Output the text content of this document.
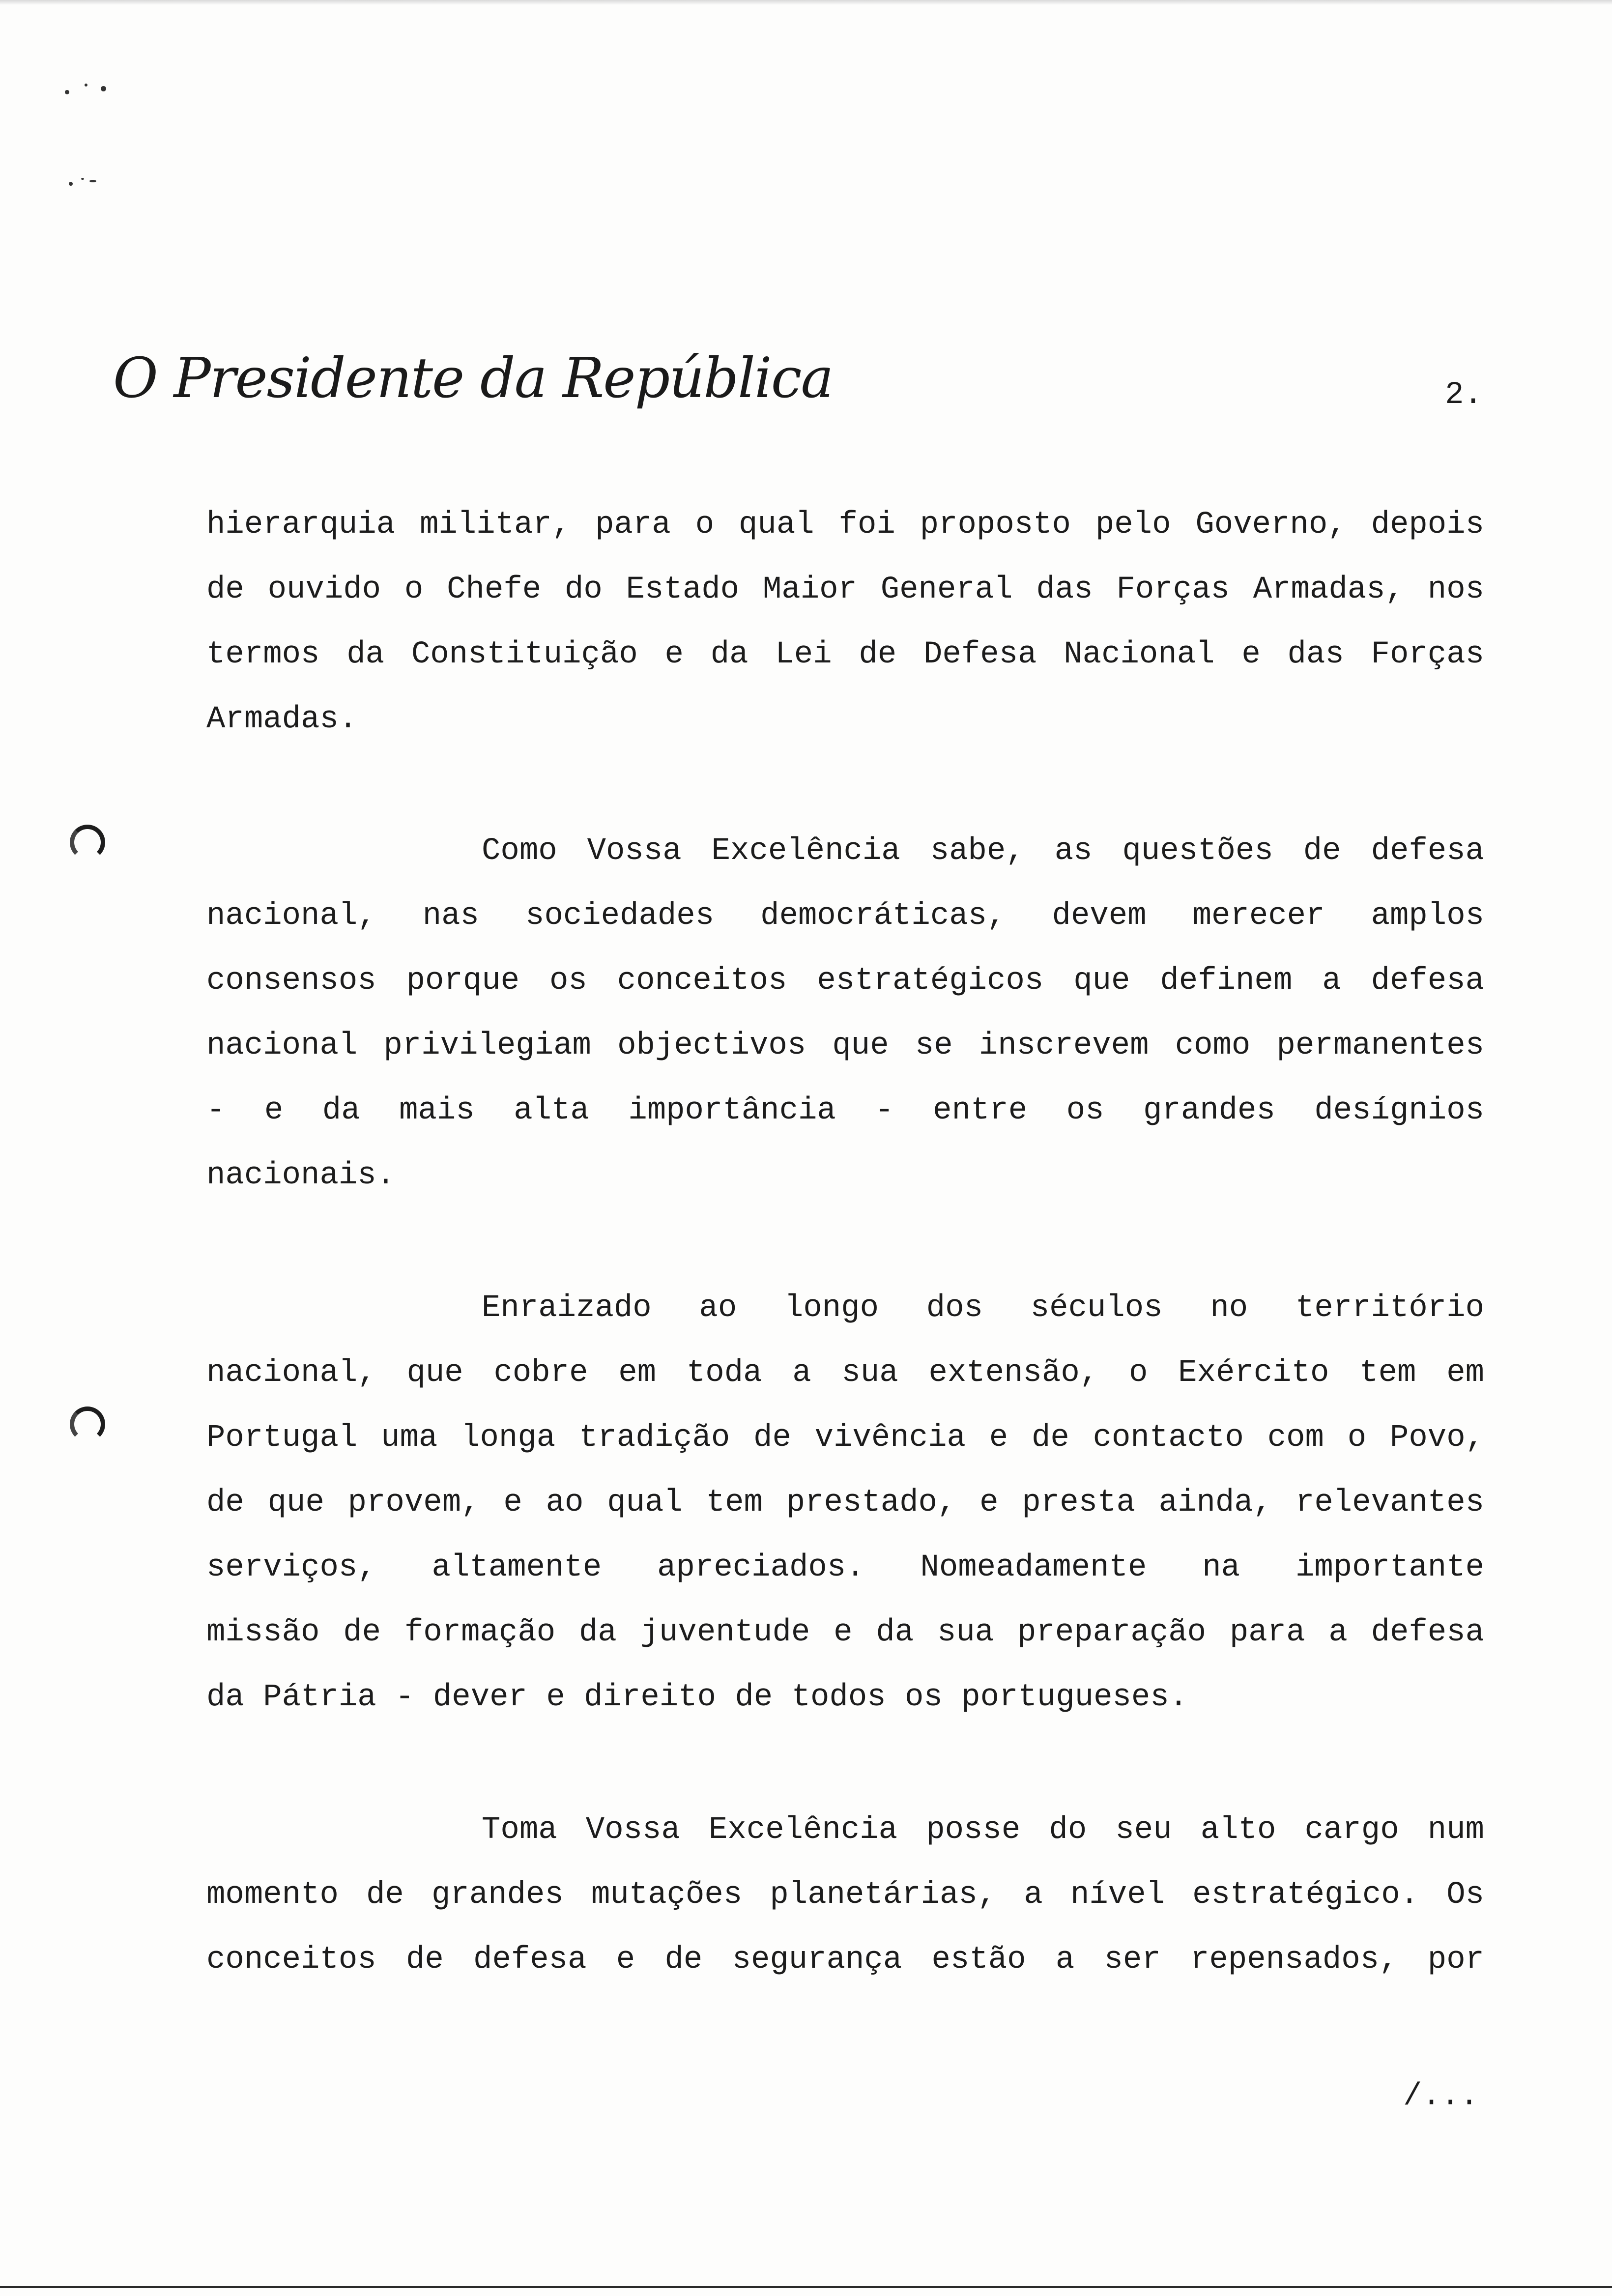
O Presidente da República	2.
hierarquia militar, para o qual foi proposto pelo Governo, depois
de ouvido o Chefe do Estado Maior General das Forças Armadas, nos
termos da Constituição e da Lei de Defesa Nacional e das Forças
Armadas.
Como Vossa Excelência sabe, as questões de defesa
nacional, nas sociedades democráticas, devem merecer amplos
consensos porque os conceitos estratégicos que definem a defesa
nacional privilegiam objectivos que se inscrevem como permanentes
- e da mais alta importância - entre os grandes desígnios
nacionais.
Enraizado ao longo dos séculos no território
nacional, que cobre em toda a sua extensão, o Exército tem em
Portugal uma longa tradição de vivência e de contacto com o Povo,
de que provem, e ao qual tem prestado, e presta ainda, relevantes
serviços, altamente apreciados. Nomeadamente na importante
missão de formação da juventude e da sua preparação para a defesa
da Pátria - dever e direito de todos os portugueses.
Toma Vossa Excelência posse do seu alto cargo num
momento de grandes mutações planetárias, a nível estratégico. Os
conceitos de defesa e de segurança estão a ser repensados, por
/...
